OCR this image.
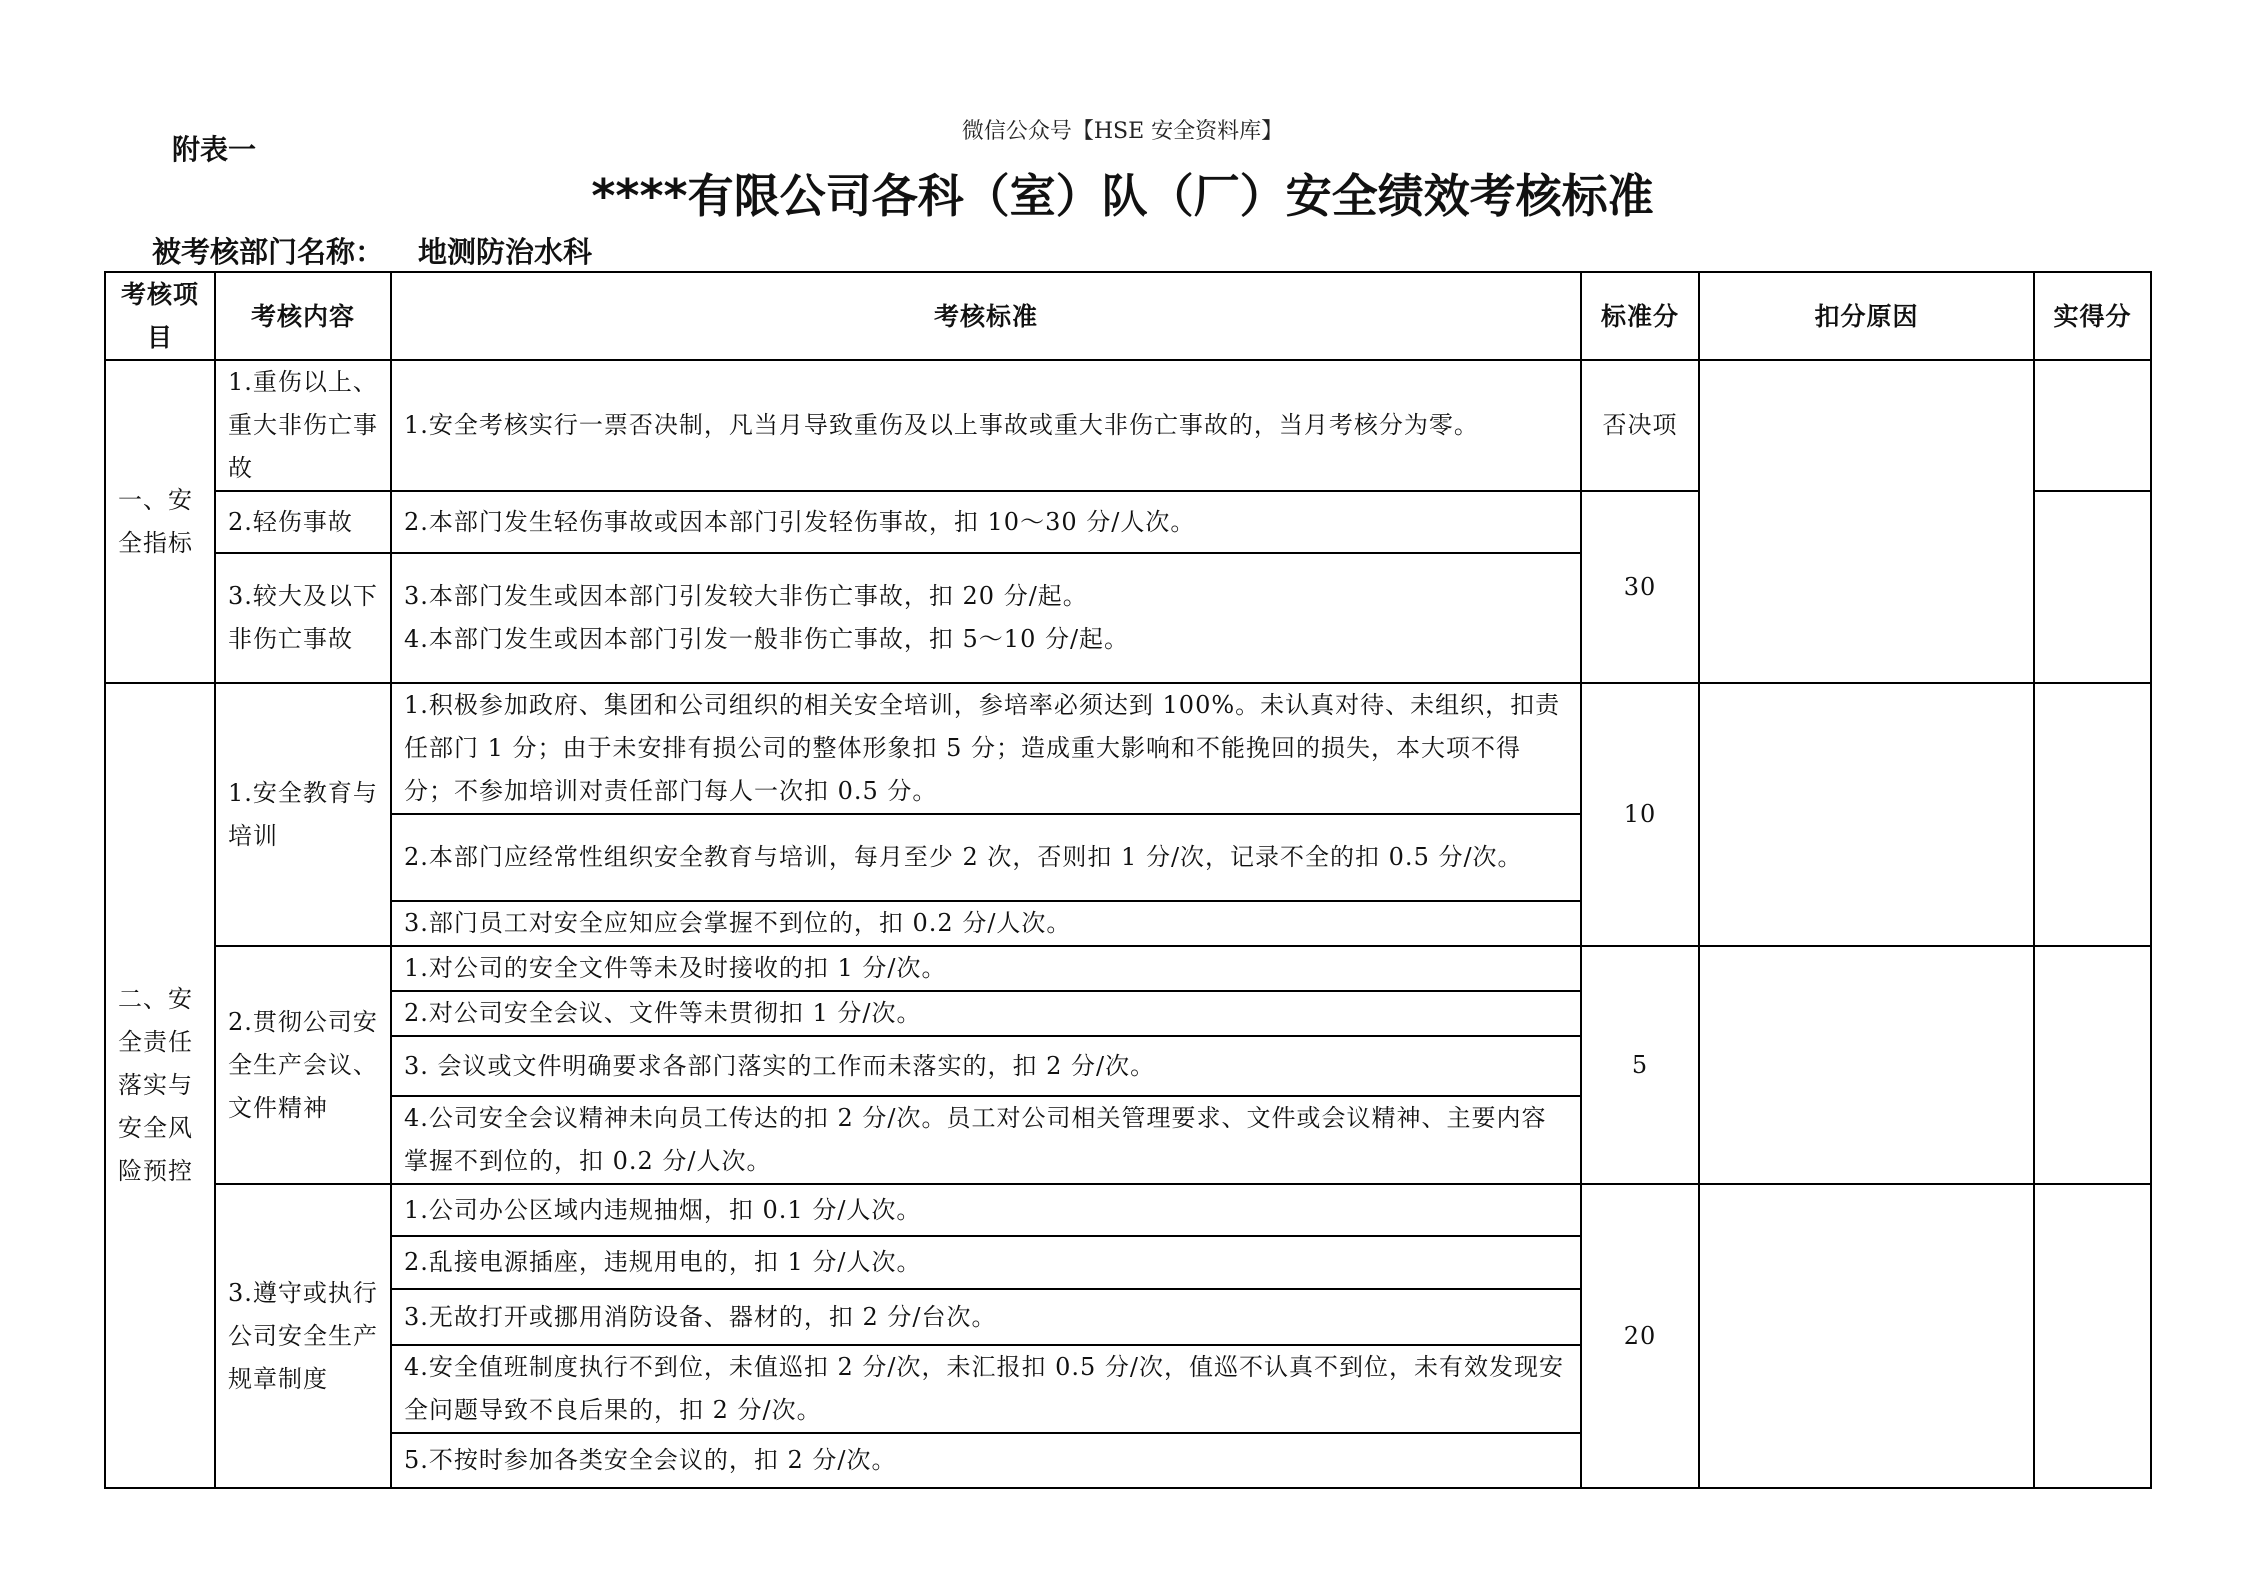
微信公众号【HSE 安全资料库】
附表一
****有限公司各科（室）队（厂）安全绩效考核标准
被考核部门名称： 地测防治水科
考核项目	考核内容	考核标准	标准分	扣分原因	实得分
一、安全指标	1.重伤以上、重大非伤亡事故	1.安全考核实行一票否决制，凡当月导致重伤及以上事故或重大非伤亡事故的，当月考核分为零。	否决项		
	2.轻伤事故	2.本部门发生轻伤事故或因本部门引发轻伤事故，扣 10～30 分/人次。	30		
	3.较大及以下非伤亡事故	3.本部门发生或因本部门引发较大非伤亡事故，扣 20 分/起。
4.本部门发生或因本部门引发一般非伤亡事故，扣 5～10 分/起。			

二、安全责任落实与安全风险预控	1.安全教育与培训	1.积极参加政府、集团和公司组织的相关安全培训，参培率必须达到 100%。未认真对待、未组织，扣责任部门 1 分；由于未安排有损公司的整体形象扣 5 分；造成重大影响和不能挽回的损失，本大项不得分；不参加培训对责任部门每人一次扣 0.5 分。	10		
		2.本部门应经常性组织安全教育与培训，每月至少 2 次，否则扣 1 分/次，记录不全的扣 0.5 分/次。			
		3.部门员工对安全应知应会掌握不到位的，扣 0.2 分/人次。			
	2.贯彻公司安全生产会议、文件精神	1.对公司的安全文件等未及时接收的扣 1 分/次。	5		
		2.对公司安全会议、文件等未贯彻扣 1 分/次。			
		3. 会议或文件明确要求各部门落实的工作而未落实的，扣 2 分/次。			
		4.公司安全会议精神未向员工传达的扣 2 分/次。员工对公司相关管理要求、文件或会议精神、主要内容掌握不到位的，扣 0.2 分/人次。			
	3.遵守或执行公司安全生产规章制度	1.公司办公区域内违规抽烟，扣 0.1 分/人次。	20		
		2.乱接电源插座，违规用电的，扣 1 分/人次。			
		3.无故打开或挪用消防设备、器材的，扣 2 分/台次。			
		4.安全值班制度执行不到位，未值巡扣 2 分/次，未汇报扣 0.5 分/次，值巡不认真不到位，未有效发现安全问题导致不良后果的，扣 2 分/次。			
		5.不按时参加各类安全会议的，扣 2 分/次。			
